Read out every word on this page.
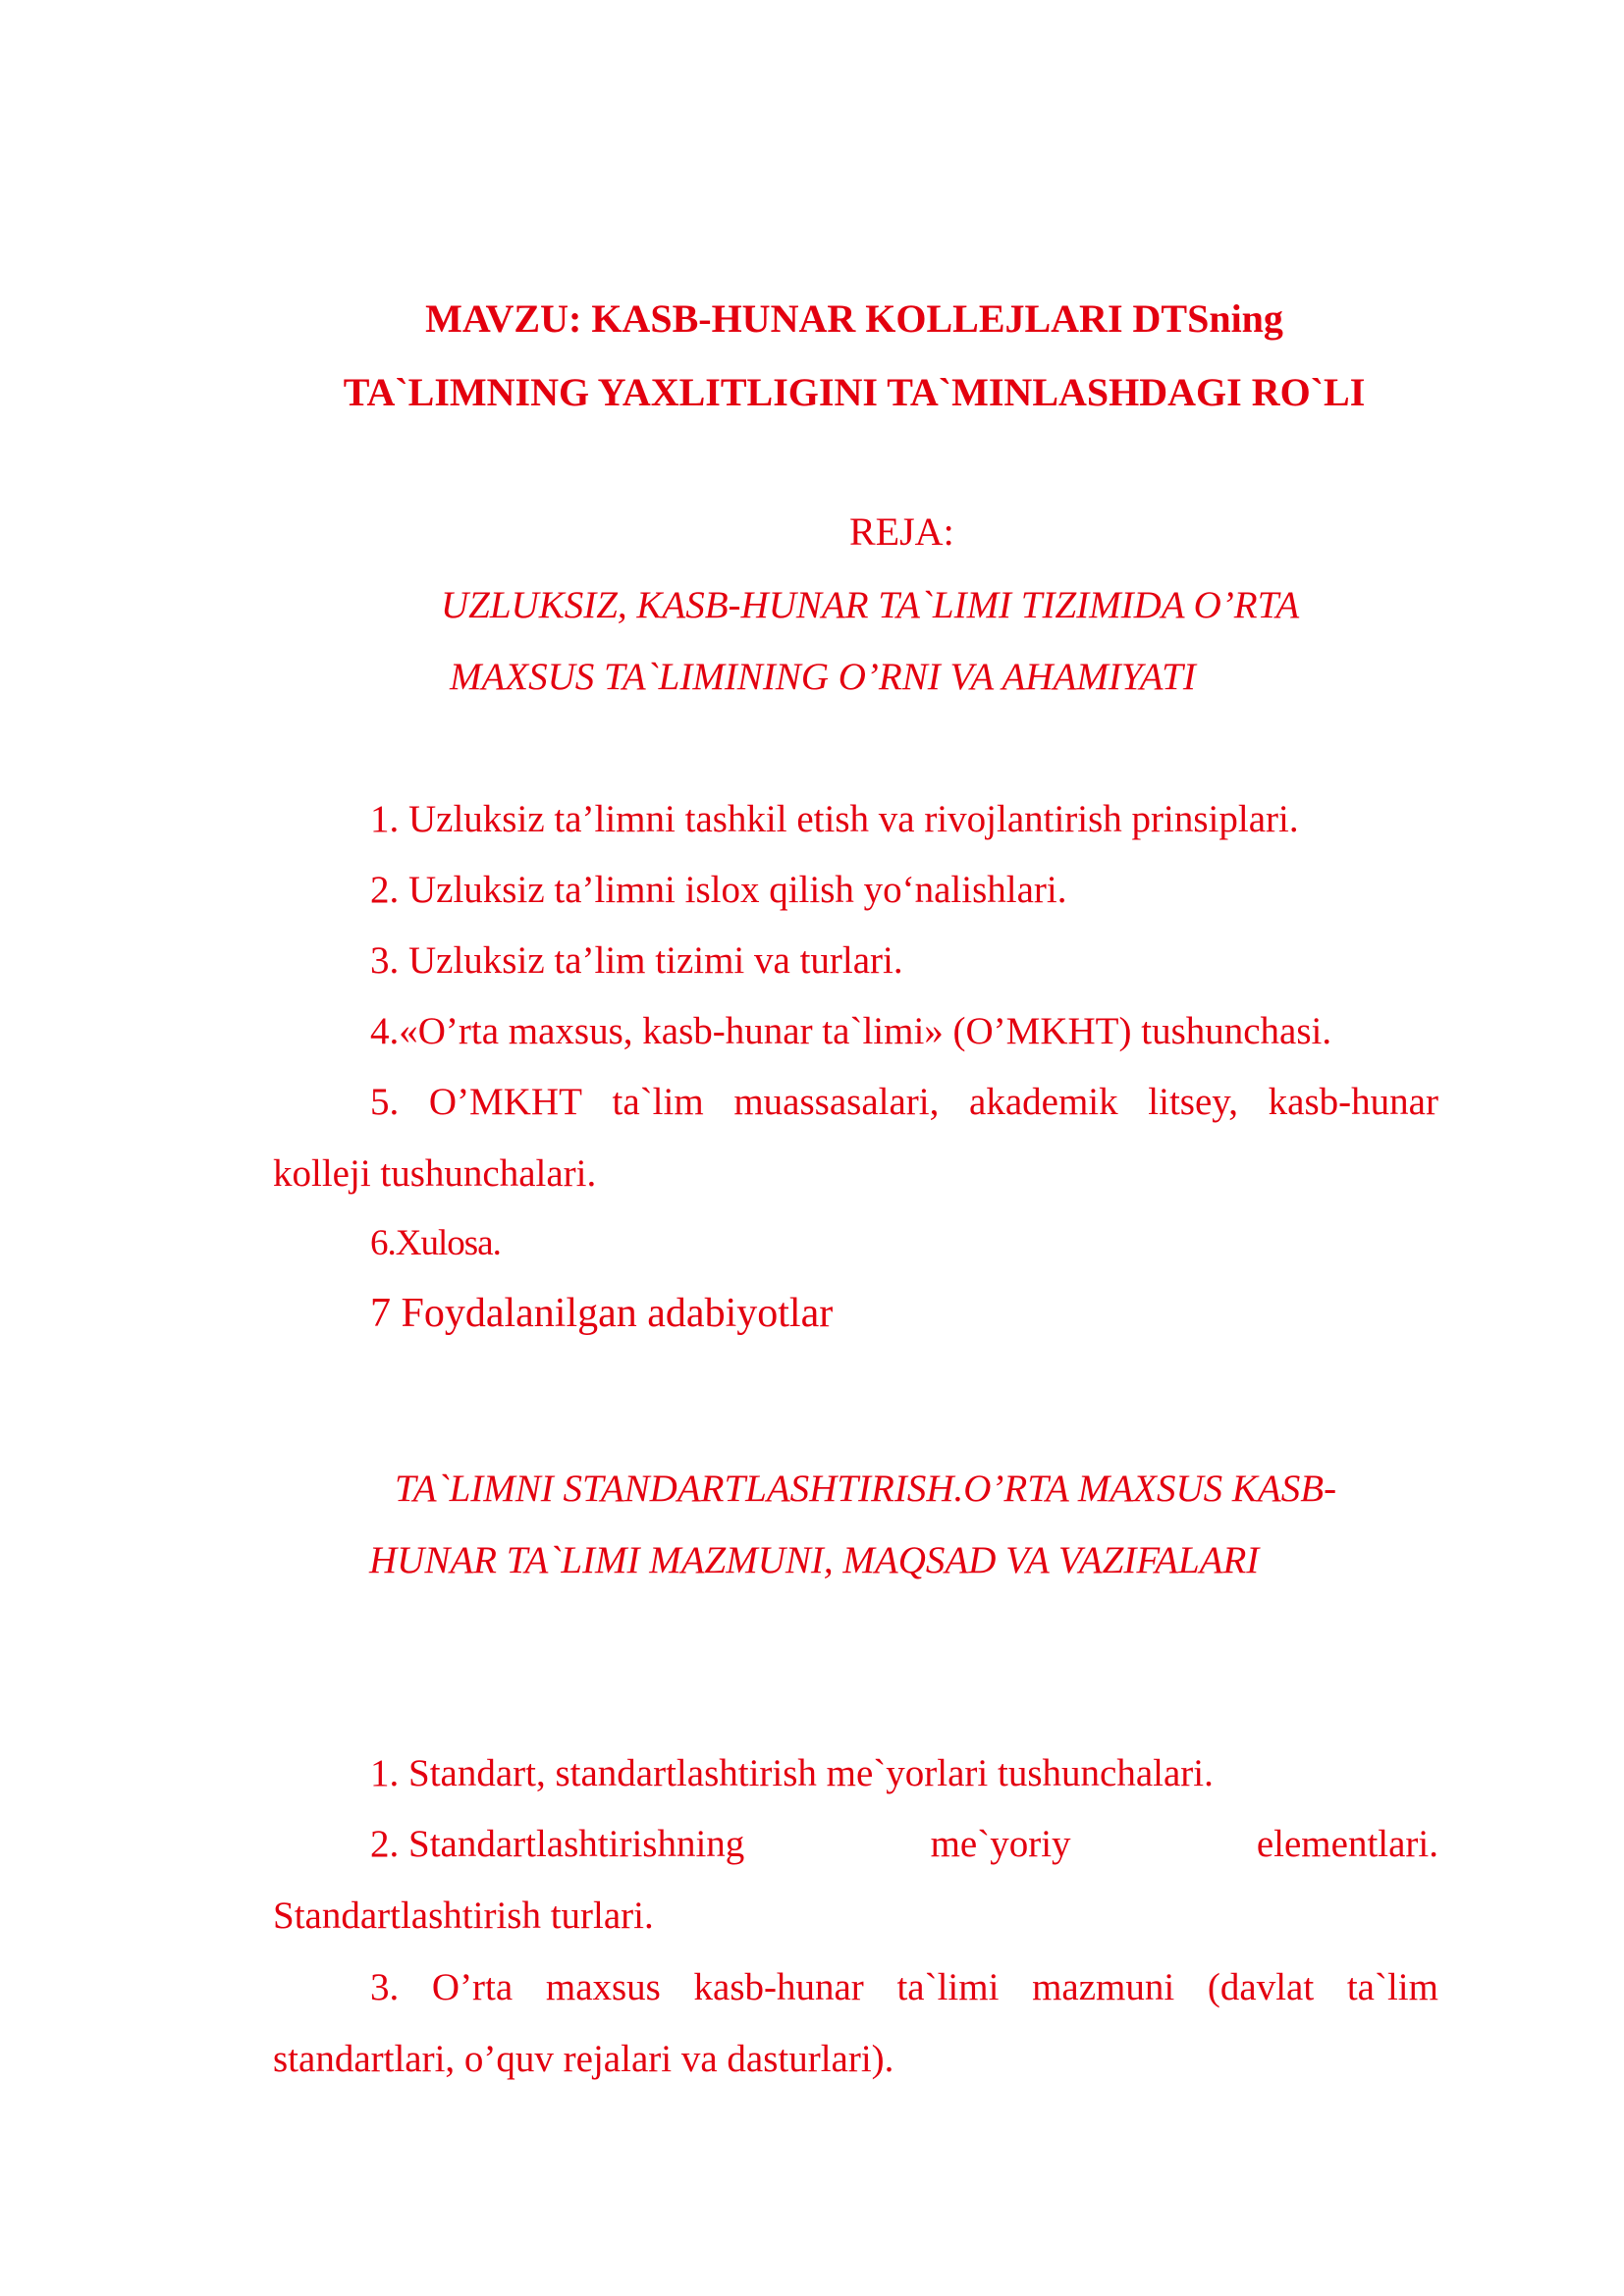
MAVZU: KASB-HUNAR KOLLEJLARI DTSning
TA`LIMNING YAXLITLIGINI TA`MINLASHDAGI RO`LI
REJA:
UZLUKSIZ, KASB-HUNAR TA`LIMI TIZIMIDA O’RTA
MAXSUS TA`LIMINING O’RNI VA AHAMIYATI
1. Uzluksiz ta’limni tashkil etish va rivojlantirish prinsiplari.
2. Uzluksiz ta’limni islox qilish yo‘nalishlari.
3. Uzluksiz ta’lim tizimi va turlari.
4.«O’rta maxsus, kasb-hunar ta`limi» (O’MKHT) tushunchasi.
5. O’MKHT ta`lim muassasalari, akademik litsey, kasb-hunar
kolleji tushunchalari.
6.Xulosa.
7 Foydalanilgan adabiyotlar
TA`LIMNI STANDARTLASHTIRISH.O’RTA MAXSUS KASB-
HUNAR TA`LIMI MAZMUNI, MAQSAD VA VAZIFALARI
1. Standart, standartlashtirish me`yorlari tushunchalari.
2. Standartlashtirishning	me`yoriy	elementlari.
Standartlashtirish turlari.
3. O’rta maxsus kasb-hunar ta`limi mazmuni (davlat ta`lim
standartlari, o’quv rejalari va dasturlari).
